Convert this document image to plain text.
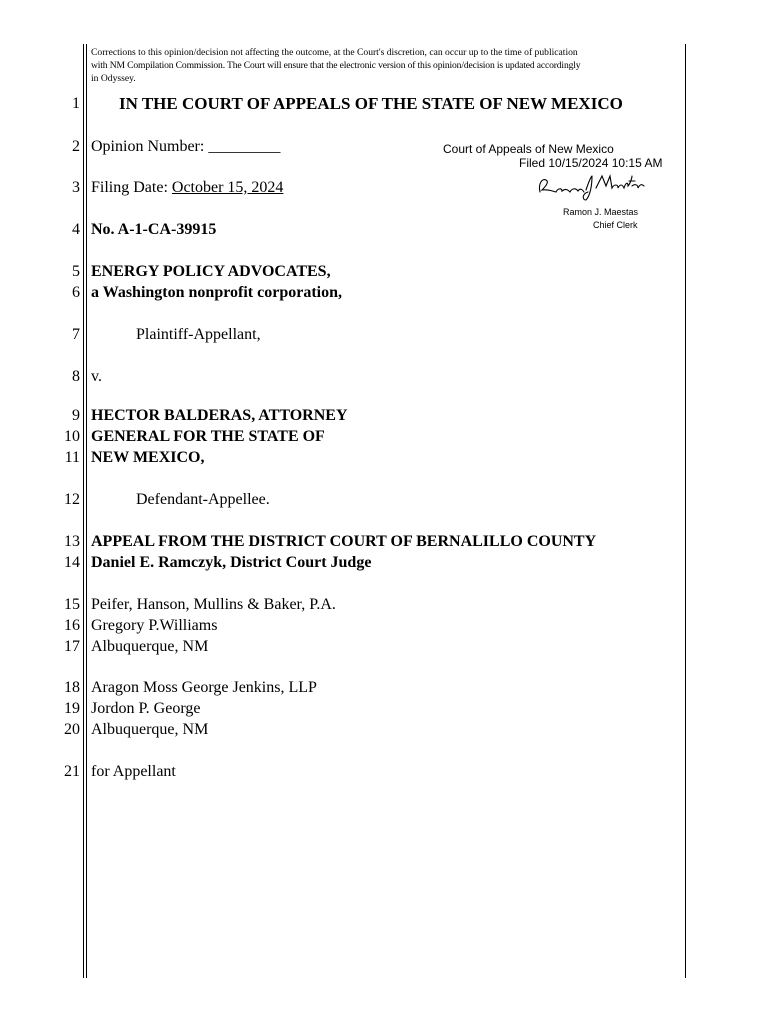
Corrections to this opinion/decision not affecting the outcome, at the Court's discretion, can occur up to the time of publication
with NM Compilation Commission. The Court will ensure that the electronic version of this opinion/decision is updated accordingly
in Odyssey.
1 IN THE COURT OF APPEALS OF THE STATE OF NEW MEXICO
2 Opinion Number: _________
3 Filing Date: October 15, 2024
4 No. A-1-CA-39915
5 ENERGY POLICY ADVOCATES,
6 a Washington nonprofit corporation,
7	Plaintiff-Appellant,
8 v.
9 HECTOR BALDERAS, ATTORNEY
10 GENERAL FOR THE STATE OF
11 NEW MEXICO,
12	Defendant-Appellee.
13 APPEAL FROM THE DISTRICT COURT OF BERNALILLO COUNTY
14 Daniel E. Ramczyk, District Court Judge
15 Peifer, Hanson, Mullins & Baker, P.A.
16 Gregory P.Williams
17 Albuquerque, NM
18 Aragon Moss George Jenkins, LLP
19 Jordon P. George
20 Albuquerque, NM
21 for Appellant
Court of Appeals of New Mexico
Filed 10/15/2024 10:15 AM
Ramon J. Maestas
Chief Clerk
